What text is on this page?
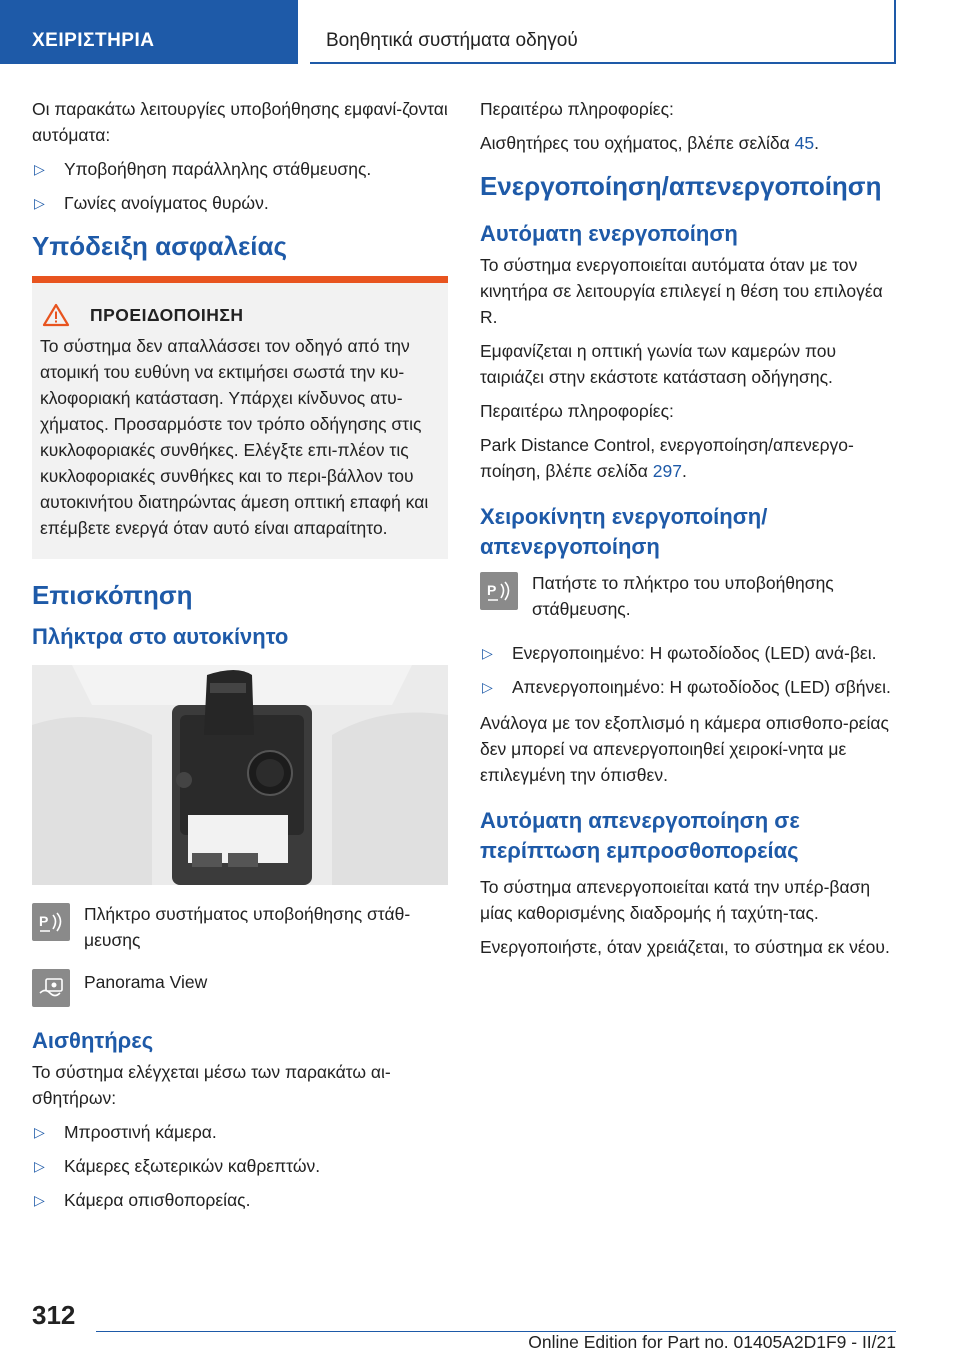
ΧΕΙΡΙΣΤΗΡΙΑ	Βοηθητικά συστήματα οδηγού

Οι παρακάτω λειτουργίες υποβοήθησης εμφανί-ζονται αυτόματα:

▷ Υποβοήθηση παράλληλης στάθμευσης.
▷ Γωνίες ανοίγματος θυρών.
Υπόδειξη ασφαλείας
ΠΡΟΕΙΔΟΠΟΙΗΣΗ

Το σύστημα δεν απαλλάσσει τον οδηγό από την ατομική του ευθύνη να εκτιμήσει σωστά την κυ-κλοφοριακή κατάσταση. Υπάρχει κίνδυνος ατυ-χήματος. Προσαρμόστε τον τρόπο οδήγησης στις κυκλοφοριακές συνθήκες. Ελέγξτε επι-πλέον τις κυκλοφοριακές συνθήκες και το περι-βάλλον του αυτοκινήτου διατηρώντας άμεση οπτική επαφή και επέμβετε ενεργά όταν αυτό είναι απαραίτητο.

Επισκόπηση
Πλήκτρα στο αυτοκίνητο
P Πλήκτρο συστήματος υποβοήθησης στάθ-μευσης

Panorama View

Αισθητήρες

Το σύστημα ελέγχεται μέσω των παρακάτω αι-σθητήρων:

▷ Μπροστινή κάμερα.
▷ Κάμερες εξωτερικών καθρεπτών.
▷ Κάμερα οπισθοπορείας.

Περαιτέρω πληροφορίες:

Αισθητήρες του οχήματος, βλέπε σελίδα 45.

Ενεργοποίηση/απενεργοποίηση
Αυτόματη ενεργοποίηση

Το σύστημα ενεργοποιείται αυτόματα όταν με τον κινητήρα σε λειτουργία επιλεγεί η θέση του επιλογέα R.

Εμφανίζεται η οπτική γωνία των καμερών που ταιριάζει στην εκάστοτε κατάσταση οδήγησης.

Περαιτέρω πληροφορίες:

Park Distance Control, ενεργοποίηση/απενεργο-ποίηση, βλέπε σελίδα 297.

Χειροκίνητη ενεργοποίηση/ απενεργοποίηση
P Πατήστε το πλήκτρο του υποβοήθησης στάθμευσης.

▷ Ενεργοποιημένο: Η φωτοδίοδος (LED) ανά-βει.
▷ Απενεργοποιημένο: Η φωτοδίοδος (LED) σβήνει.

Ανάλογα με τον εξοπλισμό η κάμερα οπισθοπο-ρείας δεν μπορεί να απενεργοποιηθεί χειροκί-νητα με επιλεγμένη την όπισθεν.

Αυτόματη απενεργοποίηση σε περίπτωση εμπροσθοπορείας

Το σύστημα απενεργοποιείται κατά την υπέρ-βαση μίας καθορισμένης διαδρομής ή ταχύτη-τας.

Ενεργοποιήστε, όταν χρειάζεται, το σύστημα εκ νέου.

312
Online Edition for Part no. 01405A2D1F9 - II/21
